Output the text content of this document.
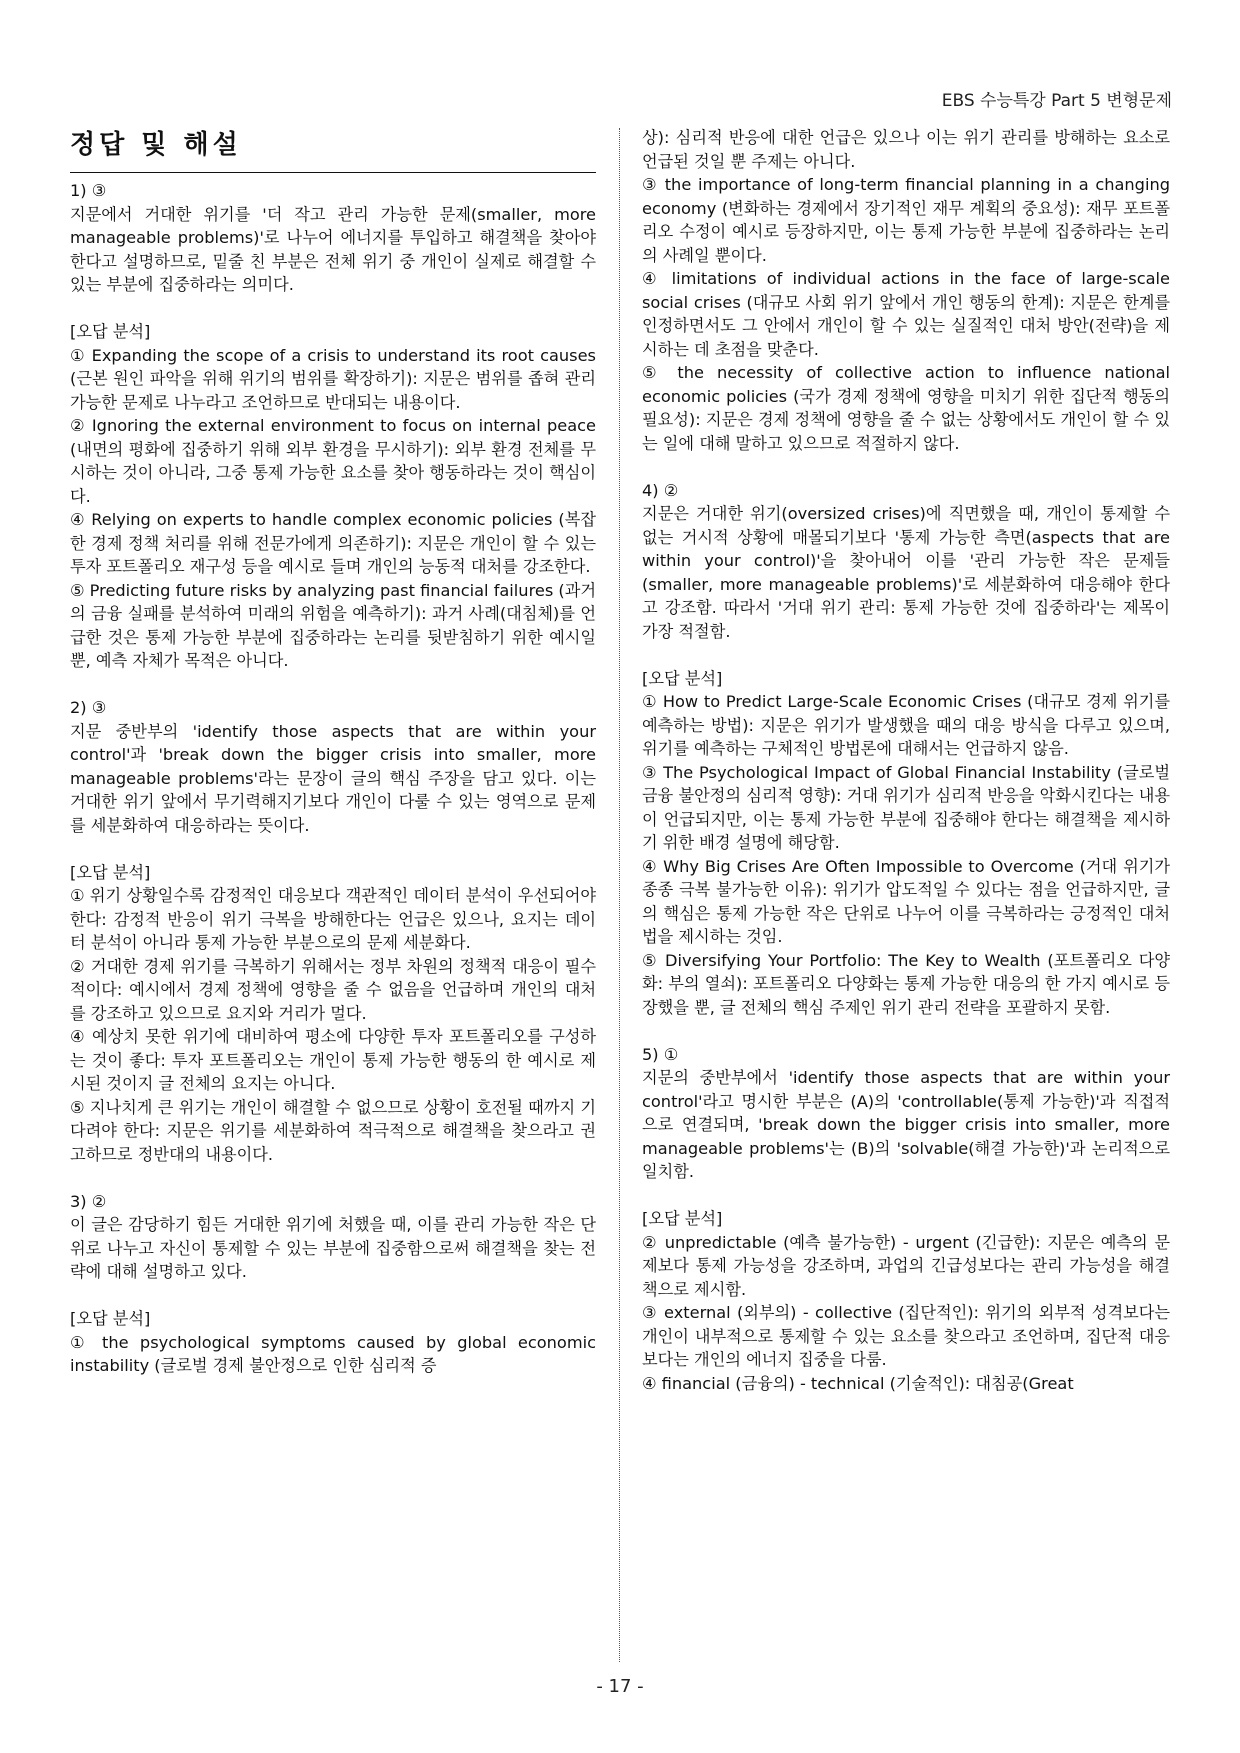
EBS 수능특강 Part 5 변형문제
정답 및 해설

1) ③

지문에서 거대한 위기를 '더 작고 관리 가능한 문제(smaller, more manageable problems)'로 나누어 에너지를 투입하고 해결책을 찾아야 한다고 설명하므로, 밑줄 친 부분은 전체 위기 중 개인이 실제로 해결할 수 있는 부분에 집중하라는 의미다.

[오답 분석]

① Expanding the scope of a crisis to understand its root causes (근본 원인 파악을 위해 위기의 범위를 확장하기): 지문은 범위를 좁혀 관리 가능한 문제로 나누라고 조언하므로 반대되는 내용이다.

② Ignoring the external environment to focus on internal peace (내면의 평화에 집중하기 위해 외부 환경을 무시하기): 외부 환경 전체를 무시하는 것이 아니라, 그중 통제 가능한 요소를 찾아 행동하라는 것이 핵심이다.

④ Relying on experts to handle complex economic policies (복잡한 경제 정책 처리를 위해 전문가에게 의존하기): 지문은 개인이 할 수 있는 투자 포트폴리오 재구성 등을 예시로 들며 개인의 능동적 대처를 강조한다.

⑤ Predicting future risks by analyzing past financial failures (과거의 금융 실패를 분석하여 미래의 위험을 예측하기): 과거 사례(대침체)를 언급한 것은 통제 가능한 부분에 집중하라는 논리를 뒷받침하기 위한 예시일 뿐, 예측 자체가 목적은 아니다.

2) ③

지문 중반부의 'identify those aspects that are within your control'과 'break down the bigger crisis into smaller, more manageable problems'라는 문장이 글의 핵심 주장을 담고 있다. 이는 거대한 위기 앞에서 무기력해지기보다 개인이 다룰 수 있는 영역으로 문제를 세분화하여 대응하라는 뜻이다.

[오답 분석]

① 위기 상황일수록 감정적인 대응보다 객관적인 데이터 분석이 우선되어야 한다: 감정적 반응이 위기 극복을 방해한다는 언급은 있으나, 요지는 데이터 분석이 아니라 통제 가능한 부분으로의 문제 세분화다.

② 거대한 경제 위기를 극복하기 위해서는 정부 차원의 정책적 대응이 필수적이다: 예시에서 경제 정책에 영향을 줄 수 없음을 언급하며 개인의 대처를 강조하고 있으므로 요지와 거리가 멀다.

④ 예상치 못한 위기에 대비하여 평소에 다양한 투자 포트폴리오를 구성하는 것이 좋다: 투자 포트폴리오는 개인이 통제 가능한 행동의 한 예시로 제시된 것이지 글 전체의 요지는 아니다.

⑤ 지나치게 큰 위기는 개인이 해결할 수 없으므로 상황이 호전될 때까지 기다려야 한다: 지문은 위기를 세분화하여 적극적으로 해결책을 찾으라고 권고하므로 정반대의 내용이다.

3) ②

이 글은 감당하기 힘든 거대한 위기에 처했을 때, 이를 관리 가능한 작은 단위로 나누고 자신이 통제할 수 있는 부분에 집중함으로써 해결책을 찾는 전략에 대해 설명하고 있다.

[오답 분석]

① the psychological symptoms caused by global economic instability (글로벌 경제 불안정으로 인한 심리적 증

상): 심리적 반응에 대한 언급은 있으나 이는 위기 관리를 방해하는 요소로 언급된 것일 뿐 주제는 아니다.

③ the importance of long-term financial planning in a changing economy (변화하는 경제에서 장기적인 재무 계획의 중요성): 재무 포트폴리오 수정이 예시로 등장하지만, 이는 통제 가능한 부분에 집중하라는 논리의 사례일 뿐이다.

④ limitations of individual actions in the face of large-scale social crises (대규모 사회 위기 앞에서 개인 행동의 한계): 지문은 한계를 인정하면서도 그 안에서 개인이 할 수 있는 실질적인 대처 방안(전략)을 제시하는 데 초점을 맞춘다.

⑤ the necessity of collective action to influence national economic policies (국가 경제 정책에 영향을 미치기 위한 집단적 행동의 필요성): 지문은 경제 정책에 영향을 줄 수 없는 상황에서도 개인이 할 수 있는 일에 대해 말하고 있으므로 적절하지 않다.

4) ②

지문은 거대한 위기(oversized crises)에 직면했을 때, 개인이 통제할 수 없는 거시적 상황에 매몰되기보다 '통제 가능한 측면(aspects that are within your control)'을 찾아내어 이를 '관리 가능한 작은 문제들(smaller, more manageable problems)'로 세분화하여 대응해야 한다고 강조함. 따라서 '거대 위기 관리: 통제 가능한 것에 집중하라'는 제목이 가장 적절함.

[오답 분석]

① How to Predict Large-Scale Economic Crises (대규모 경제 위기를 예측하는 방법): 지문은 위기가 발생했을 때의 대응 방식을 다루고 있으며, 위기를 예측하는 구체적인 방법론에 대해서는 언급하지 않음.

③ The Psychological Impact of Global Financial Instability (글로벌 금융 불안정의 심리적 영향): 거대 위기가 심리적 반응을 악화시킨다는 내용이 언급되지만, 이는 통제 가능한 부분에 집중해야 한다는 해결책을 제시하기 위한 배경 설명에 해당함.

④ Why Big Crises Are Often Impossible to Overcome (거대 위기가 종종 극복 불가능한 이유): 위기가 압도적일 수 있다는 점을 언급하지만, 글의 핵심은 통제 가능한 작은 단위로 나누어 이를 극복하라는 긍정적인 대처법을 제시하는 것임.

⑤ Diversifying Your Portfolio: The Key to Wealth (포트폴리오 다양화: 부의 열쇠): 포트폴리오 다양화는 통제 가능한 대응의 한 가지 예시로 등장했을 뿐, 글 전체의 핵심 주제인 위기 관리 전략을 포괄하지 못함.

5) ①

지문의 중반부에서 'identify those aspects that are within your control'라고 명시한 부분은 (A)의 'controllable(통제 가능한)'과 직접적으로 연결되며, 'break down the bigger crisis into smaller, more manageable problems'는 (B)의 'solvable(해결 가능한)'과 논리적으로 일치함.

[오답 분석]

② unpredictable (예측 불가능한) - urgent (긴급한): 지문은 예측의 문제보다 통제 가능성을 강조하며, 과업의 긴급성보다는 관리 가능성을 해결책으로 제시함.

③ external (외부의) - collective (집단적인): 위기의 외부적 성격보다는 개인이 내부적으로 통제할 수 있는 요소를 찾으라고 조언하며, 집단적 대응보다는 개인의 에너지 집중을 다룸.

④ financial (금융의) - technical (기술적인): 대침공(Great

- 17 -
